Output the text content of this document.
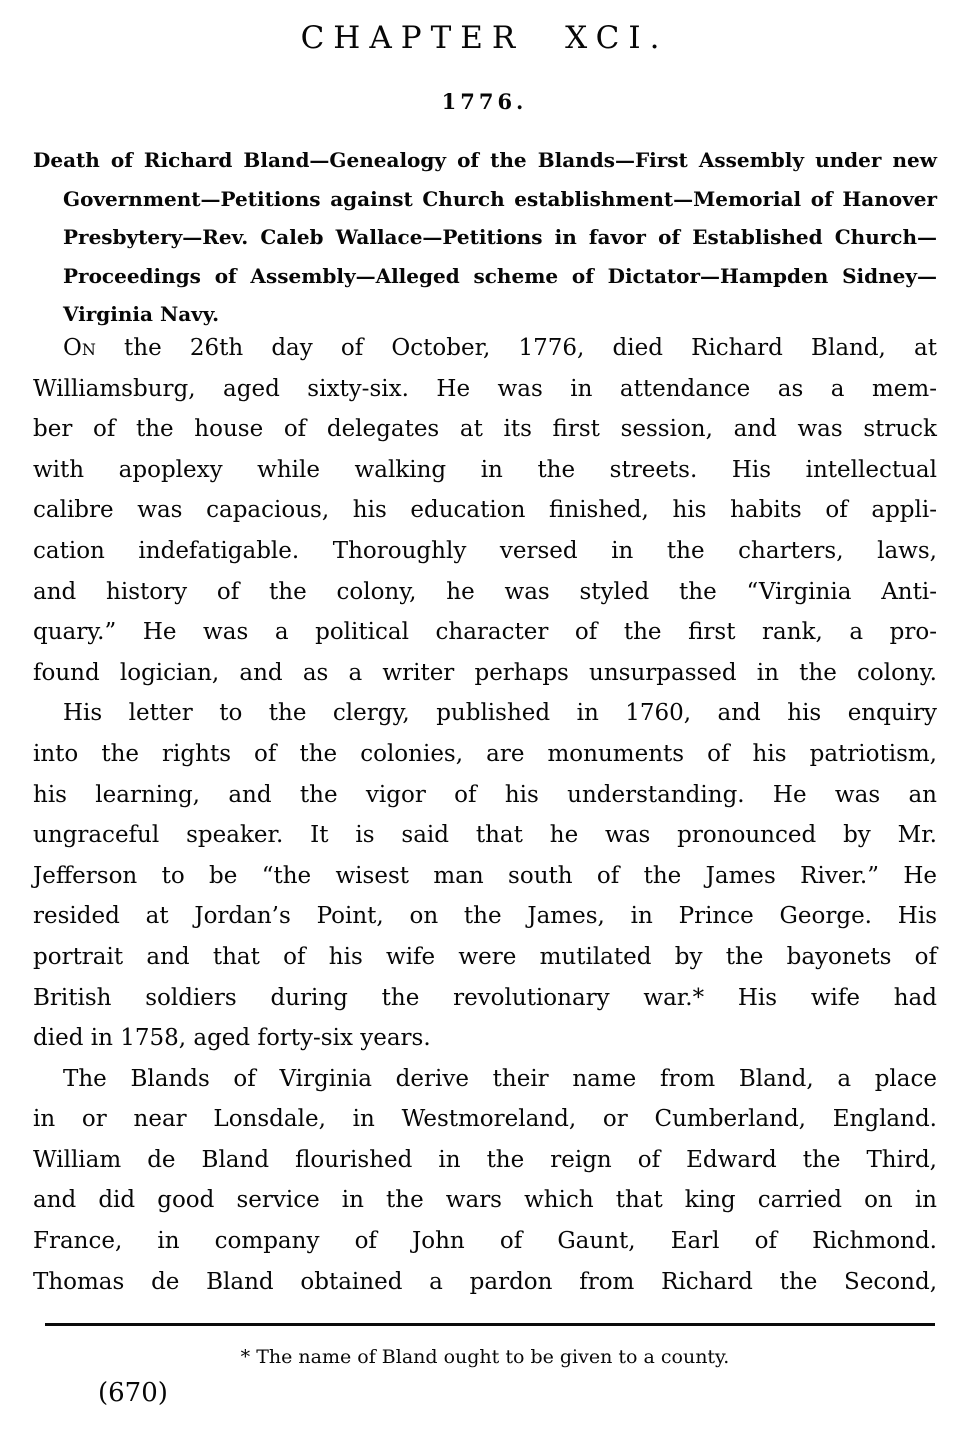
CHAPTER XCI.
1776.
Death of Richard Bland—Genealogy of the Blands—First Assembly under new
Government—Petitions against Church establishment—Memorial of Hanover
Presbytery—Rev. Caleb Wallace—Petitions in favor of Established Church—
Proceedings of Assembly—Alleged scheme of Dictator—Hampden Sidney—
Virginia Navy.
On the 26th day of October, 1776, died Richard Bland, at
Williamsburg, aged sixty-six. He was in attendance as a mem-
ber of the house of delegates at its first session, and was struck
with apoplexy while walking in the streets. His intellectual
calibre was capacious, his education finished, his habits of appli-
cation indefatigable. Thoroughly versed in the charters, laws,
and history of the colony, he was styled the “Virginia Anti-
quary.” He was a political character of the first rank, a pro-
found logician, and as a writer perhaps unsurpassed in the colony.
His letter to the clergy, published in 1760, and his enquiry
into the rights of the colonies, are monuments of his patriotism,
his learning, and the vigor of his understanding. He was an
ungraceful speaker. It is said that he was pronounced by Mr.
Jefferson to be “the wisest man south of the James River.” He
resided at Jordan’s Point, on the James, in Prince George. His
portrait and that of his wife were mutilated by the bayonets of
British soldiers during the revolutionary war.* His wife had
died in 1758, aged forty-six years.
The Blands of Virginia derive their name from Bland, a place
in or near Lonsdale, in Westmoreland, or Cumberland, England.
William de Bland flourished in the reign of Edward the Third,
and did good service in the wars which that king carried on in
France, in company of John of Gaunt, Earl of Richmond.
Thomas de Bland obtained a pardon from Richard the Second,
* The name of Bland ought to be given to a county.
(670)
